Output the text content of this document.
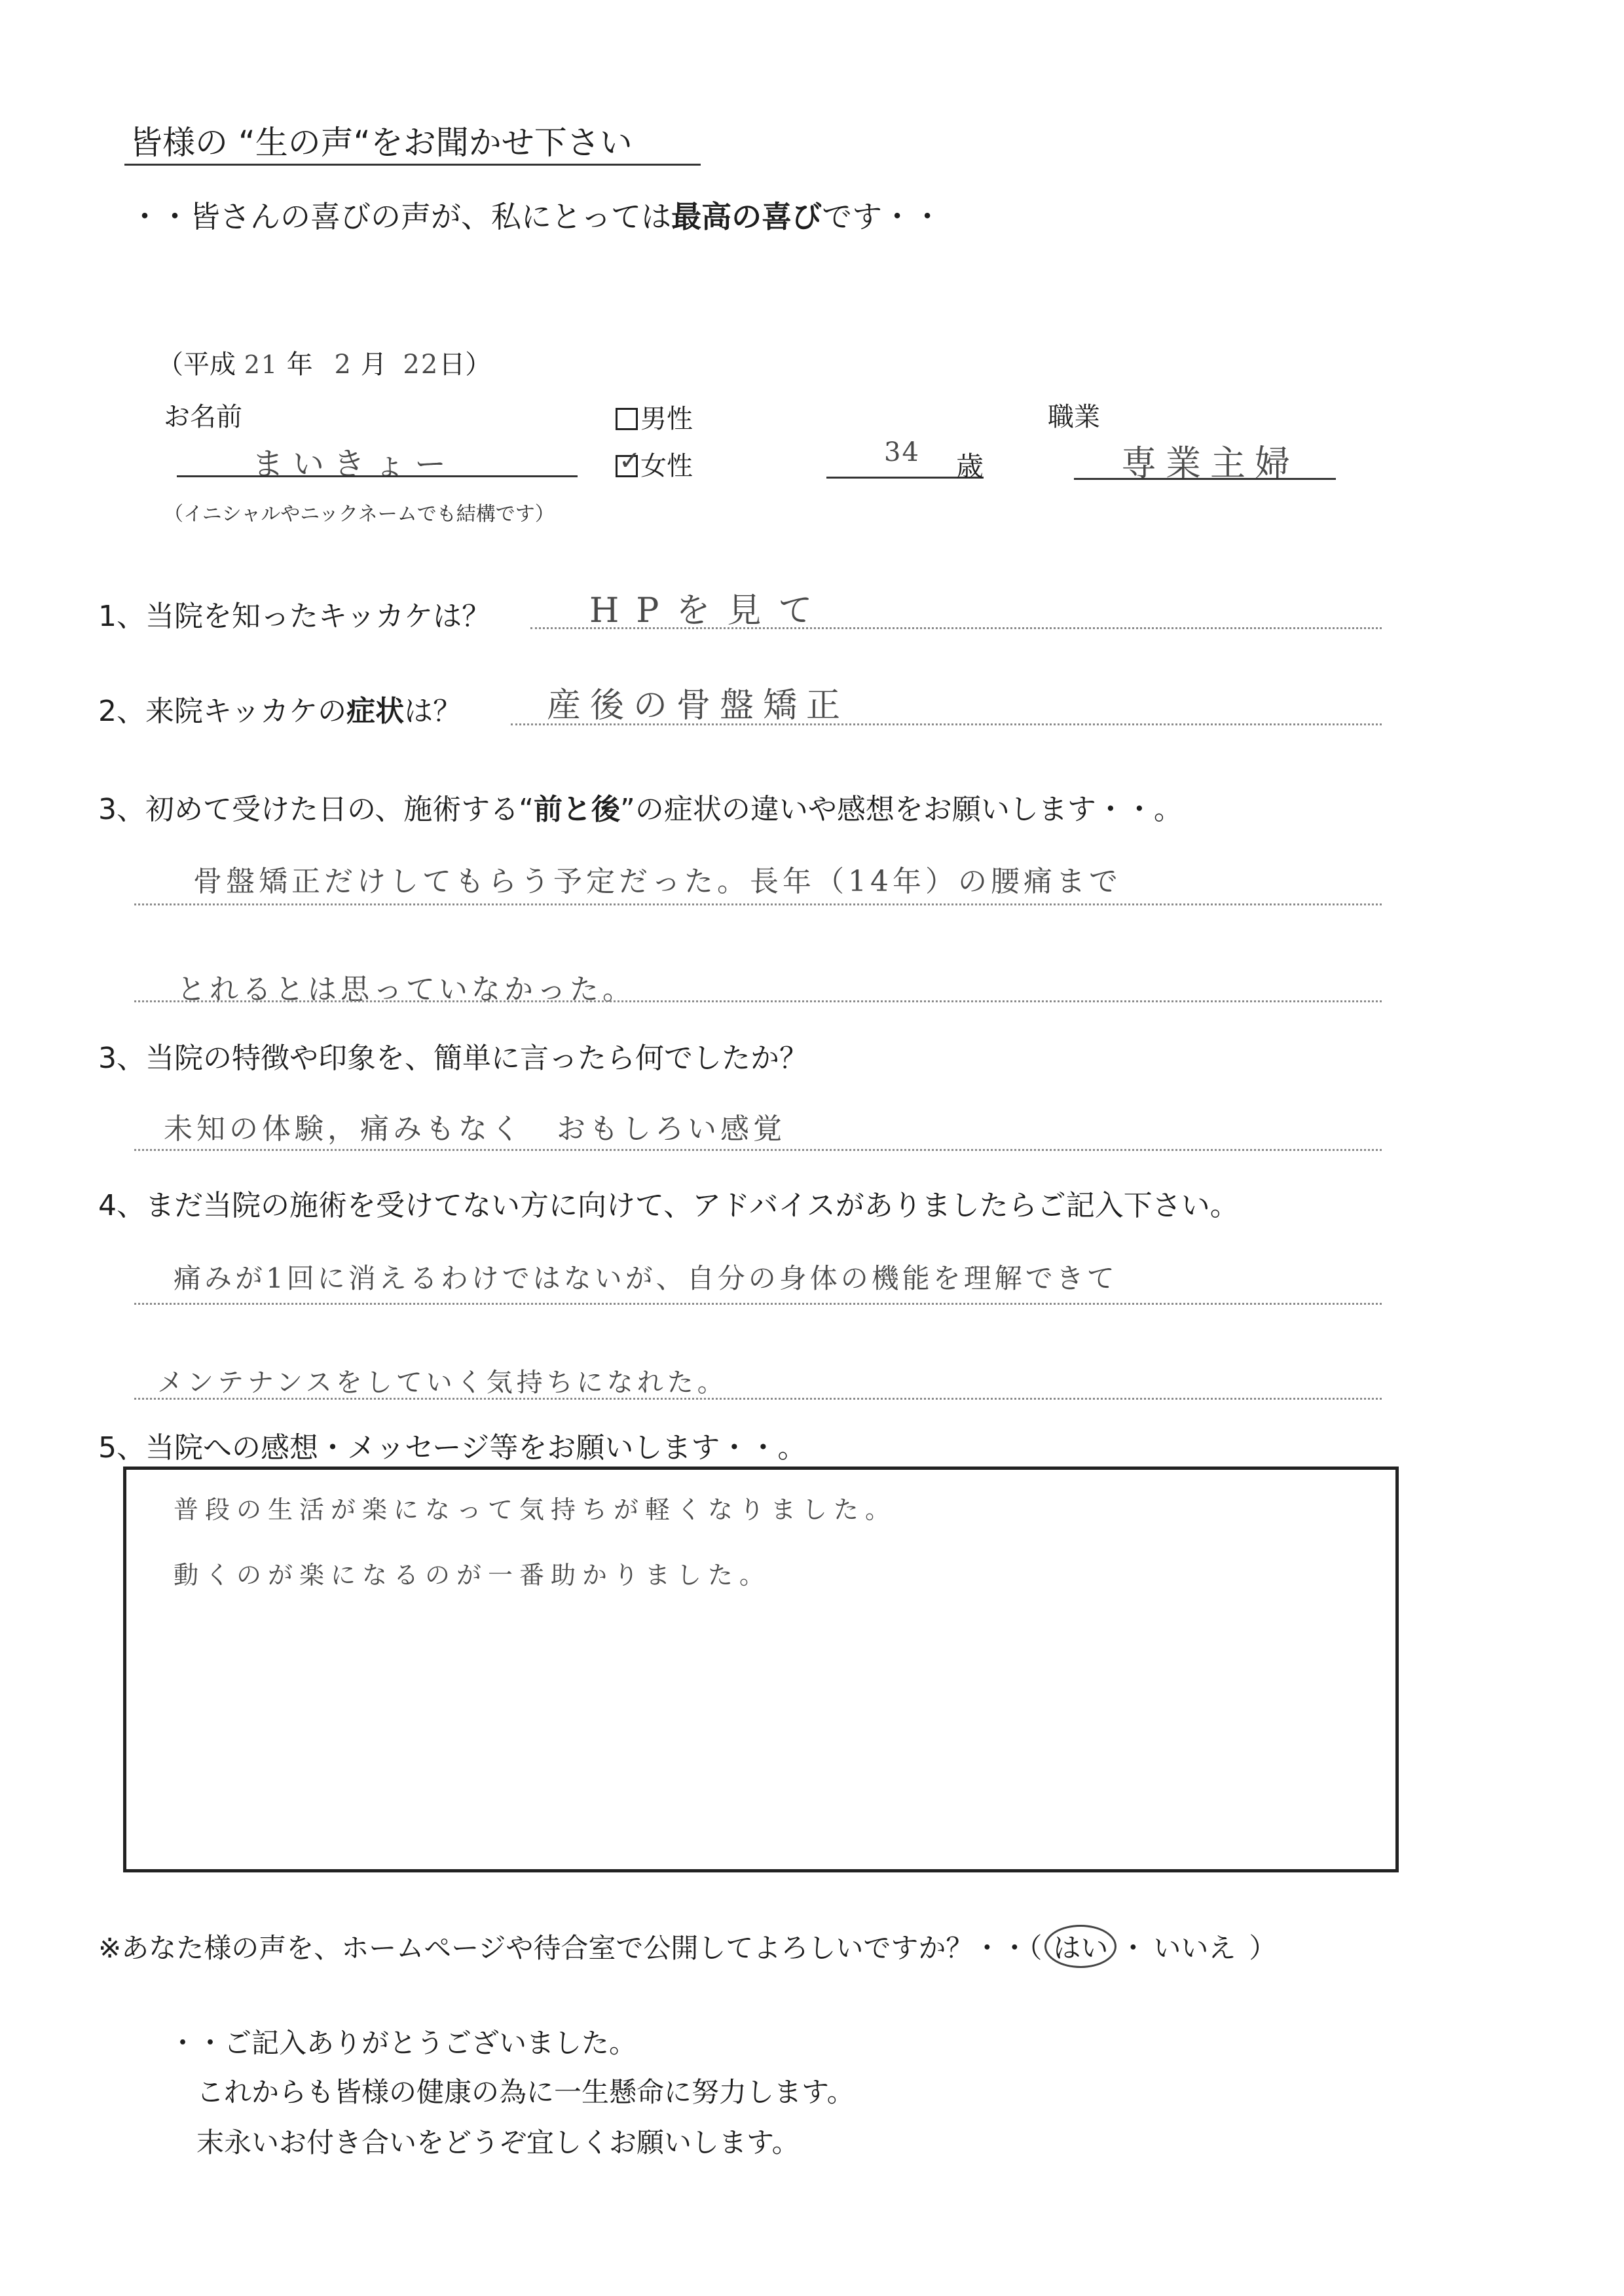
皆様の “生の声“をお聞かせ下さい
・・皆さんの喜びの声が、私にとっては最高の喜びです・・
（平成 21 年 2 月 22日）
お名前
まいきょー
（イニシャルやニックネームでも結構です）
男性
✓ 女性	34 歳
職業
専業主婦
1、当院を知ったキッカケは？	HPを見て
2、来院キッカケの症状は？ 産後の骨盤矯正
3、初めて受けた日の、施術する“前と後”の症状の違いや感想をお願いします・・。
骨盤矯正だけしてもらう予定だった。長年（14年）の腰痛まで
とれるとは思っていなかった。
3、当院の特徴や印象を、簡単に言ったら何でしたか？
未知の体験，痛みもなく　おもしろい感覚
4、まだ当院の施術を受けてない方に向けて、アドバイスがありましたらご記入下さい。
痛みが1回に消えるわけではないが、自分の身体の機能を理解できて
メンテナンスをしていく気持ちになれた。
5、当院への感想・メッセージ等をお願いします・・。
普段の生活が楽になって気持ちが軽くなりました。
動くのが楽になるのが一番助かりました。
※あなた様の声を、ホームページや待合室で公開してよろしいですか？・・（ はい ・ いいえ ）
・・ご記入ありがとうございました。
これからも皆様の健康の為に一生懸命に努力します。
末永いお付き合いをどうぞ宜しくお願いします。
